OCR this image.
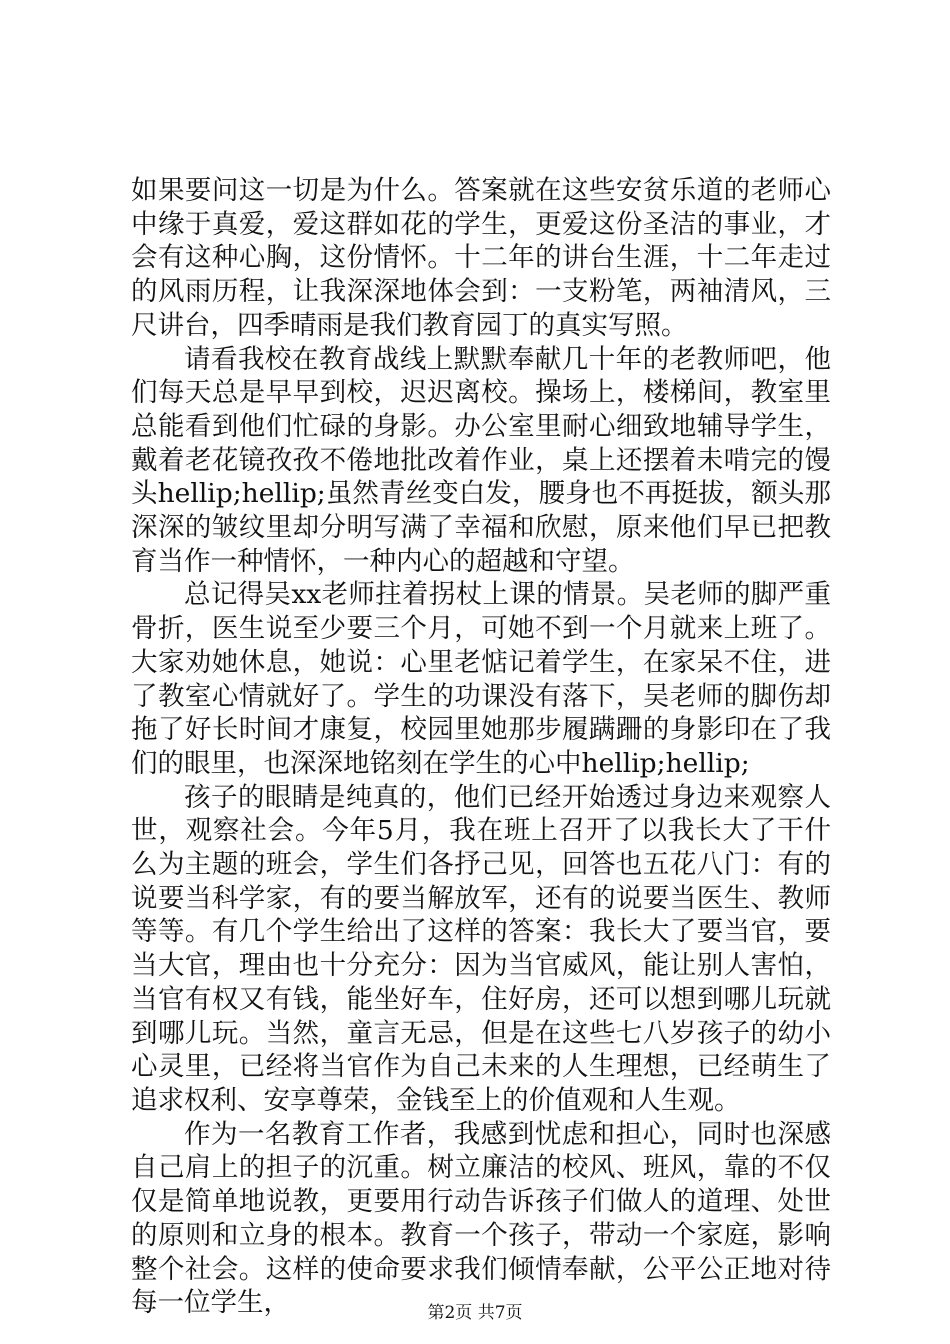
如果要问这一切是为什么。答案就在这些安贫乐道的老师心中缘于真爱，爱这群如花的学生，更爱这份圣洁的事业，才会有这种心胸，这份情怀。十二年的讲台生涯，十二年走过的风雨历程，让我深深地体会到：一支粉笔，两袖清风，三尺讲台，四季晴雨是我们教育园丁的真实写照。

请看我校在教育战线上默默奉献几十年的老教师吧，他们每天总是早早到校，迟迟离校。操场上，楼梯间，教室里总能看到他们忙碌的身影。办公室里耐心细致地辅导学生，戴着老花镜孜孜不倦地批改着作业，桌上还摆着未啃完的馒头hellip;hellip;虽然青丝变白发，腰身也不再挺拔，额头那深深的皱纹里却分明写满了幸福和欣慰，原来他们早已把教育当作一种情怀，一种内心的超越和守望。

总记得吴xx老师拄着拐杖上课的情景。吴老师的脚严重骨折，医生说至少要三个月，可她不到一个月就来上班了。大家劝她休息，她说：心里老惦记着学生，在家呆不住，进了教室心情就好了。学生的功课没有落下，吴老师的脚伤却拖了好长时间才康复，校园里她那步履蹒跚的身影印在了我们的眼里，也深深地铭刻在学生的心中hellip;hellip;

孩子的眼睛是纯真的，他们已经开始透过身边来观察人世，观察社会。今年5月，我在班上召开了以我长大了干什么为主题的班会，学生们各抒己见，回答也五花八门：有的说要当科学家，有的要当解放军，还有的说要当医生、教师等等。有几个学生给出了这样的答案：我长大了要当官，要当大官，理由也十分充分：因为当官威风，能让别人害怕，当官有权又有钱，能坐好车，住好房，还可以想到哪儿玩就到哪儿玩。当然，童言无忌，但是在这些七八岁孩子的幼小心灵里，已经将当官作为自己未来的人生理想，已经萌生了追求权利、安享尊荣，金钱至上的价值观和人生观。

作为一名教育工作者，我感到忧虑和担心，同时也深感自己肩上的担子的沉重。树立廉洁的校风、班风，靠的不仅仅是简单地说教，更要用行动告诉孩子们做人的道理、处世的原则和立身的根本。教育一个孩子，带动一个家庭，影响整个社会。这样的使命要求我们倾情奉献，公平公正地对待每一位学生，	第2页 共7页
